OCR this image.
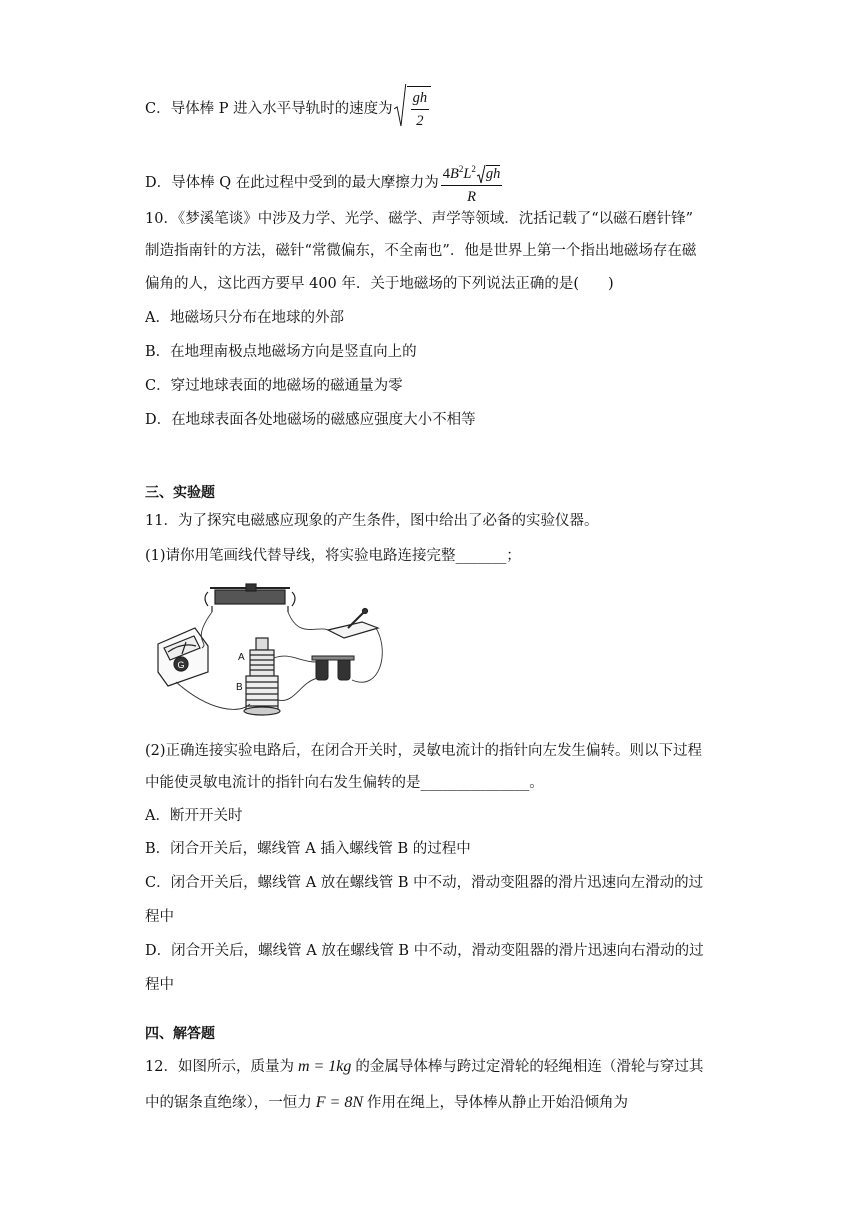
C．导体棒 P 进入水平导轨时的速度为 $\frac{gh}{2}$
D．导体棒 Q 在此过程中受到的最大摩擦力为 $\frac{4B^2L^2 gh}{R}$
10．《梦溪笔谈》中涉及力学、光学、磁学、声学等领域．沈括记载了“以磁石磨针锋”
制造指南针的方法，磁针“常微偏东，不全南也”．他是世界上第一个指出地磁场存在磁
偏角的人，这比西方要早 400 年．关于地磁场的下列说法正确的是(　　)
A．地磁场只分布在地球的外部
B．在地理南极点地磁场方向是竖直向上的
C．穿过地球表面的地磁场的磁通量为零
D．在地球表面各处地磁场的磁感应强度大小不相等
三、实验题
11．为了探究电磁感应现象的产生条件，图中给出了必备的实验仪器。
(1)请你用笔画线代替导线，将实验电路连接完整_______；
G
A
B
(2)正确连接实验电路后，在闭合开关时，灵敏电流计的指针向左发生偏转。则以下过程
中能使灵敏电流计的指针向右发生偏转的是_______________。
A．断开开关时
B．闭合开关后，螺线管 A 插入螺线管 B 的过程中
C．闭合开关后，螺线管 A 放在螺线管 B 中不动，滑动变阻器的滑片迅速向左滑动的过
程中
D．闭合开关后，螺线管 A 放在螺线管 B 中不动，滑动变阻器的滑片迅速向右滑动的过
程中
四、解答题
12．如图所示，质量为 m = 1kg 的金属导体棒与跨过定滑轮的轻绳相连（滑轮与穿过其
中的锯条直绝缘），一恒力 F = 8N 作用在绳上，导体棒从静止开始沿倾角为
